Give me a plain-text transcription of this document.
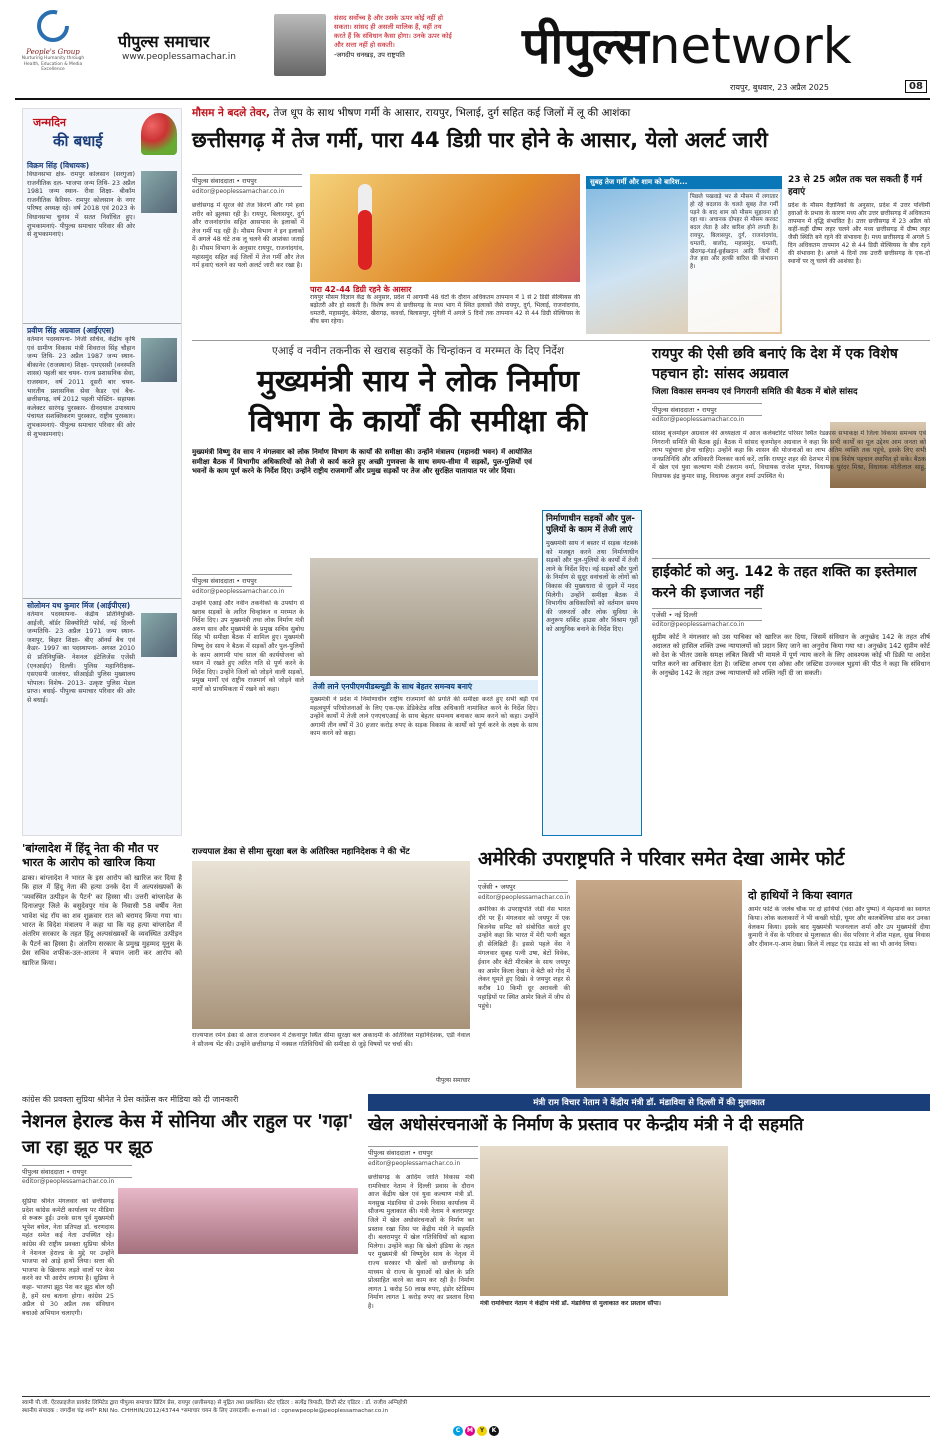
People's Group
Nurturing Humanity through Health, Education & Media Excellence
पीपुल्स समाचार
www.peoplessamachar.in
संसद सर्वोच्च है और उसके ऊपर कोई नहीं हो सकता। सांसद ही असली मालिक हैं, वहीं तय करते हैं कि संविधान कैसा होगा। उनके ऊपर कोई और सत्ता नहीं हो सकती।
-जगदीप धनखड़, उप राष्ट्रपति	पीपुल्सnetwork
रायपुर, बुधवार, 23 अप्रैल 2025	08
जन्मदिन
की बधाई
विक्रम सिंह (विधायक)
विधानसभा क्षेत्र- रामपुर कोलसान (सरगुजा) राजनीतिक दल- भाजपा जन्म तिथि- 23 अप्रैल 1981 जन्म स्थान- रीवा शिक्षा- बीकॉम राजनीतिक कैरियर- रामपुर कोलसान के नगर परिषद अध्यक्ष रहे। वर्ष 2018 एवं 2023 के विधानसभा चुनाव में सतत निर्वाचित हुए। शुभकामनाएं- पीपुल्स समाचार परिवार की ओर से शुभकामनाएं।
प्रवीण सिंह अग्रवाल (आईएएस)
वर्तमान पदस्थापना- निजी सचिव, केंद्रीय कृषि एवं ग्रामीण विकास मंत्री शिवराज सिंह चौहान जन्म तिथि- 23 अप्रैल 1987 जन्म स्थान- बीकानेर (राजस्थान) शिक्षा- एमएससी (वनस्पति शास्त्र) पहली बार चयन- राज्य प्रशासनिक सेवा, राजस्थान, वर्ष 2011 दूसरी बार चयन- भारतीय प्रशासनिक सेवा कैडर एवं बैच- छत्तीसगढ़, वर्ष 2012 पहली पोस्टिंग- सहायक कलेक्टर सारंगढ़ पुरस्कार- दीनदयाल उपाध्याय पंचायत सशक्तिकरण पुरस्कार, राष्ट्रीय पुरस्कार। शुभकामनाएं- पीपुल्स समाचार परिवार की ओर से शुभकामनाएं।
सोलोमन यथ कुमार मिंज (आईपीएस)
वर्तमान पदस्थापना- केंद्रीय प्रतिनियुक्ति- आईजी, बॉर्डर सिक्योरिटी फोर्स, नई दिल्ली जन्मतिथि- 23 अप्रैल 1971 जन्म स्थान- जशपुर, बिहार शिक्षा- बीए ऑनर्स बैच एवं कैडर- 1997 का पदस्थापना- अगस्त 2010 से प्रतिनियुक्ति- नेशनल इंटेलिजेंस एजेंसी (एनआईए) दिल्ली। पुलिस महानिरीक्षक- एसएसपी जालंधर, सीआईडी पुलिस मुख्यालय भोपाल। विशेष- 2013- उत्कृष्ट पुलिस मेडल प्राप्त। बधाई- पीपुल्स समाचार परिवार की ओर से बधाई।
'बांग्लादेश में हिंदू नेता की मौत पर भारत के आरोप को खारिज किया
ढाका। बांग्लादेश ने भारत के इस आरोप को खारिज कर दिया है कि हाल में हिंदू नेता की हत्या उनके देश में अल्पसंख्यकों के 'व्यवस्थित उत्पीड़न के पैटर्न' का हिस्सा थी। उत्तरी बांग्लादेश के दिनाजपुर जिले के बसुदेवपुर गांव के निवासी 58 वर्षीय नेता भावेश चंद्र रॉय का शव शुक्रवार रात को बरामद किया गया था। भारत के विदेश मंत्रालय ने कहा था कि यह हत्या बांग्लादेश में अंतरिम सरकार के तहत हिंदू अल्पसंख्यकों के व्यवस्थित उत्पीड़न के पैटर्न का हिस्सा है। अंतरिम सरकार के प्रमुख मुहम्मद यूनुस के प्रेस सचिव शफीक-उल-आलम ने बयान जारी कर आरोप को खारिज किया।
मौसम ने बदले तेवर, तेज धूप के साथ भीषण गर्मी के आसार, रायपुर, भिलाई, दुर्ग सहित कई जिलों में लू की आशंका
छत्तीसगढ़ में तेज गर्मी, पारा 44 डिग्री पार होने के आसार, येलो अलर्ट जारी
पीपुल्स संवाददाता • रायपुर
editor@peoplessamachar.co.in
छत्तीसगढ़ में सूरज की तेज किरणें और गर्म हवा शरीर को झुलसा रही है। रायपुर, बिलासपुर, दुर्ग और राजनांदगांव सहित आसपास के इलाकों में तेज गर्मी पड़ रही है। मौसम विभाग ने इन इलाकों में अगले 48 घंटे तक लू चलने की आशंका जताई है। मौसम विभाग के अनुसार रायपुर, राजनांदगांव, महासमुंद सहित कई जिलों में तेज गर्मी और तेज गर्म हवाएं चलने का यलो अलर्ट जारी कर रखा है।
पारा 42-44 डिग्री रहने के आसार
रायपुर मौसम विज्ञान केंद्र के अनुसार, प्रदेश में आगामी 48 घंटों के दौरान अधिकतम तापमान में 1 से 2 डिग्री सेल्सियस की बढ़ोतरी और हो सकती है। विशेष रूप से छत्तीसगढ़ के मध्य भाग में स्थित इलाकों जैसे रायपुर, दुर्ग, भिलाई, राजनांदगांव, धमतरी, महासमुंद, बेमेतरा, खैरागढ़, कवर्धा, बिलासपुर, मुंगेली में अगले 5 दिनों तक तापमान 42 से 44 डिग्री सेल्सियस के बीच बना रहेगा।
सुबह तेज गर्मी और शाम को बारिश...
पिछले पखवाड़े भर से मौसम में लगातार हो रहे बदलाव के चलते सुबह तेज गर्मी पड़ने के बाद शाम को मौसम सुहावना हो रहा था। अचानक दोपहर से मौसम करवट बदल लेता है और बारिश होने लगती है। रायपुर, बिलासपुर, दुर्ग, राजनांदगांव, धमतरी, बालोद, महासमुंद, धमतरी, खैरागढ़-गंडई-छुईखदान आदि जिलों में तेज हवा और हल्की बारिश की संभावना है।
23 से 25 अप्रैल तक चल सकती हैं गर्म हवाएं
प्रदेश के मौसम वैज्ञानिकों के अनुसार, प्रदेश में उत्तर पश्चिमी हवाओं के प्रभाव के कारण मध्य और उत्तर छत्तीसगढ़ में अधिकतम तापमान में वृद्धि संभावित है। उत्तर छत्तीसगढ़ में 23 अप्रैल को कहीं-कहीं ग्रीष्म लहर चलने और मध्य छत्तीसगढ़ में ग्रीष्म लहर जैसी स्थिति बने रहने की संभावना है। मध्य छत्तीसगढ़ में अगले 5 दिन अधिकतम तापमान 42 से 44 डिग्री सेल्सियस के बीच रहने की संभावना है। अगले 4 दिनों तक उत्तरी छत्तीसगढ़ के एक-दो स्थानों पर लू चलने की आशंका है।
एआई व नवीन तकनीक से खराब सड़कों के चिन्हांकन व मरम्मत के दिए निर्देश
मुख्यमंत्री साय ने लोक निर्माण
विभाग के कार्यों की समीक्षा की
मुख्यमंत्री विष्णु देव साय ने मंगलवार को लोक निर्माण विभाग के कार्यों की समीक्षा की। उन्होंने मंत्रालय (महानदी भवन) में आयोजित समीक्षा बैठक में विभागीय अधिकारियों को तेजी से कार्य करते हुए अच्छी गुणवत्ता के साथ समय-सीमा में सड़कों, पुल-पुलियों एवं भवनों के काम पूर्ण करने के निर्देश दिए। उन्होंने राष्ट्रीय राजमार्गों और प्रमुख सड़कों पर तेज और सुरक्षित यातायात पर जोर दिया।
निर्माणाधीन सड़कों और पुल-पुलियों के काम में तेजी लाएं
मुख्यमंत्री साय ने बस्तर में सड़क नेटवर्क को मजबूत करने तथा निर्माणाधीन सड़कों और पुल-पुलियों के कार्यों में तेजी लाने के निर्देश दिए। नई सड़कों और पुलों के निर्माण से सुदूर वनांचलों के लोगों को विकास की मुख्यधारा से जुड़ने में मदद मिलेगी। उन्होंने समीक्षा बैठक में विभागीय अधिकारियों को वर्तमान समय की जरूरतों और लोक सुविधा के अनुरूप सर्किट हाउस और विश्राम गृहों को आधुनिक बनाने के निर्देश दिए।
पीपुल्स संवाददाता • रायपुर
editor@peoplessamachar.co.in
उन्होंने एआई और नवीन तकनीकों के उपयोग से खराब सड़कों के त्वरित चिन्हांकन व मरम्मत के निर्देश दिए। उप मुख्यमंत्री तथा लोक निर्माण मंत्री अरुण साव और मुख्यमंत्री के प्रमुख सचिव सुबोध सिंह भी समीक्षा बैठक में शामिल हुए। मुख्यमंत्री विष्णु देव साय ने बैठक में सड़कों और पुल-पुलियों के काम आगामी पांच साल की कार्ययोजना को ध्यान में रखते हुए त्वरित गति से पूर्ण करने के निर्देश दिए। उन्होंने जिलों को जोड़ने वाली सड़कों, प्रमुख मार्गों एवं राष्ट्रीय राजमार्ग को जोड़ने वाले मार्गों को प्राथमिकता में रखने को कहा।	तेजी लाने एनपीएमपीडब्ल्यूडी के साथ बेहतर समन्वय बनाएं
मुख्यमंत्री ने प्रदेश में निर्माणाधीन राष्ट्रीय राजमार्गों की प्रगति की समीक्षा करते हुए सभी बड़ी एवं महत्वपूर्ण परियोजनाओं के लिए एक-एक डेडिकेटेड वरिष्ठ अधिकारी नामांकित करने के निर्देश दिए। उन्होंने कार्यों में तेजी लाने एनएचएआई के साथ बेहतर समन्वय बनाकर काम करने को कहा। उन्होंने अगामी तीन वर्षों में 30 हजार करोड़ रुपए के सड़क विकास के कार्यों को पूर्ण करने के लक्ष्य के साथ काम करने को कहा।
रायपुर की ऐसी छवि बनाएं कि देश में एक विशेष पहचान हो: सांसद अग्रवाल
जिला विकास समन्वय एवं निगरानी समिति की बैठक में बोले सांसद
पीपुल्स संवाददाता • रायपुर
editor@peoplessamachar.co.in
सांसद बृजमोहन अग्रवाल की अध्यक्षता में आज कलेक्टोरेट परिसर स्थित रेडक्रास सभाकक्ष में जिला विकास समन्वय एवं निगरानी समिति की बैठक हुई। बैठक में सांसद बृजमोहन अग्रवाल ने कहा कि सभी कार्यों का मूल उद्देश्य आम जनता को लाभ पहुंचाना होना चाहिए। उन्होंने कहा कि शासन की योजनाओं का लाभ अंतिम व्यक्ति तक पहुंचे, इसके लिए सभी जनप्रतिनिधि और अधिकारी मिलकर कार्य करें, ताकि रायपुर शहर की देशभर में एक विशेष पहचान स्थापित हो सके। बैठक में खेल एवं युवा कल्याण मंत्री टंकराम वर्मा, विधायक राजेश मूणत, विधायक पुरंदर मिश्रा, विधायक मोतीलाल साहू, विधायक इंद्र कुमार साहू, विधायक अनुज शर्मा उपस्थित थे।
हाईकोर्ट को अनु. 142 के तहत शक्ति का इस्तेमाल करने की इजाजत नहीं
एजेंसी • नई दिल्ली
editor@peoplessamachar.co.in
सुप्रीम कोर्ट ने मंगलवार को उस याचिका को खारिज कर दिया, जिसमें संविधान के अनुच्छेद 142 के तहत शीर्ष अदालत को हासिल शक्ति उच्च न्यायालयों को प्रदान किए जाने का अनुरोध किया गया था। अनुच्छेद 142 सुप्रीम कोर्ट को देश के भीतर उसके समक्ष लंबित किसी भी मामले में पूर्ण न्याय करने के लिए आवश्यक कोई भी डिक्री या आदेश पारित करने का अधिकार देता है। जस्टिस अभय एस ओका और जस्टिस उज्ज्वल भुइयां की पीठ ने कहा कि संविधान के अनुच्छेद 142 के तहत उच्च न्यायालयों को शक्ति नहीं दी जा सकती।
राज्यपाल डेका से सीमा सुरक्षा बल के अतिरिक्त महानिदेशक ने की भेंट
राज्यपाल रमेन डेका से आज राजभवन में टेकनापुर स्थित सीमा सुरक्षा बल अकादमी के अतिरिक्त महानिदेशक, एडी नेवाल ने सौजन्य भेंट की। उन्होंने छत्तीसगढ़ में नक्सल गतिविधियों की समीक्षा से जुड़े विषयों पर चर्चा की।
पीपुल्स समाचार
अमेरिकी उपराष्ट्रपति ने परिवार समेत देखा आमेर फोर्ट
एजेंसी • जयपुर
editor@peoplessamachar.co.in
अमेरिका के उपराष्ट्रपति जेडी वेंस भारत दौरे पर हैं। मंगलवार को जयपुर में एक बिजनेस समिट को संबोधित करते हुए उन्होंने कहा कि भारत में मेरी पत्नी बहुत ही सेलिब्रिटी हैं। इससे पहले वेंस ने मंगलवार सुबह पत्नी उषा, बेटों विवेक, ईवान और बेटी मीराबेल के साथ जयपुर का आमेर किला देखा। वे बेटी को गोद में लेकर घूमते हुए दिखे। वे जयपुर शहर से करीब 10 किमी दूर अरावली की पहाड़ियों पर स्थित आमेर किले में जीप से पहुंचे।
दो हाथियों ने किया स्वागत
आमेर फोर्ट के जलेब चौक पर दो हाथियों (चंदा और पुष्पा) ने मेहमानों का स्वागत किया। लोक कलाकारों ने भी कच्छी घोड़ी, घूमर और कालबेलिया डांस कर उनका वेलकम किया। इसके बाद मुख्यमंत्री भजनलाल शर्मा और उप मुख्यमंत्री दीया कुमारी ने वेंस के परिवार से मुलाकात की। वेंस परिवार ने शीश महल, सुख निवास और दीवान-ए-आम देखा। किले में लाइट एंड साउंड शो का भी आनंद लिया।
कांग्रेस की प्रवक्ता सुप्रिया श्रीनेत ने प्रेस कांफ्रेंस कर मीडिया को दी जानकारी
नेशनल हेराल्ड केस में सोनिया और राहुल पर 'गढ़ा' जा रहा झूठ पर झूठ
पीपुल्स संवाददाता • रायपुर
editor@peoplessamachar.co.in
सुप्रिया श्रीनेत मंगलवार को छत्तीसगढ़ प्रदेश कांग्रेस कमेटी कार्यालय पर मीडिया से रूबरू हुईं। उनके साथ पूर्व मुख्यमंत्री भूपेश बघेल, नेता प्रतिपक्ष डॉ. चरणदास महंत समेत कई नेता उपस्थित रहे। कांग्रेस की राष्ट्रीय प्रवक्ता सुप्रिया श्रीनेत ने नेशनल हेराल्ड के मुद्दे पर उन्होंने भाजपा को आड़े हाथों लिया। सत्ता की भाजपा के खिलाफ लड़ते वालों पर केस करने का भी आरोप लगाया है। सुप्रिया ने कहा- भाजपा झूठ पेश कर झूठ बोल रही है, हमें सच बताना होगा। कांग्रेस 25 अप्रैल से 30 अप्रैल तक संविधान बचाओ अभियान चलाएगी।
मंत्री राम विचार नेताम ने केंद्रीय मंत्री डॉ. मंडाविया से दिल्ली में की मुलाकात
खेल अधोसंरचनाओं के निर्माण के प्रस्ताव पर केन्द्रीय मंत्री ने दी सहमति
पीपुल्स संवाददाता • रायपुर
editor@peoplessamachar.co.in
मंत्री रामविचार नेताम ने केंद्रीय मंत्री डॉ. मंडाविया से मुलाकात कर प्रस्ताव सौंपा।
छत्तीसगढ़ के आदिम जाति विकास मंत्री रामविचार नेताम ने दिल्ली प्रवास के दौरान आज केंद्रीय खेल एवं युवा कल्याण मंत्री डॉ. मनसुख मंडाविया से उनके निवास कार्यालय में सौजन्य मुलाकात की। मंत्री नेताम ने बलरामपुर जिले में खेल अधोसंरचनाओं के निर्माण का प्रस्ताव रखा जिस पर केंद्रीय मंत्री ने सहमति दी। बलरामपुर में खेल गतिविधियों को बढ़ावा मिलेगा। उन्होंने कहा कि खेलो इंडिया के तहत पर मुख्यमंत्री श्री विष्णुदेव साय के नेतृत्व में राज्य सरकार भी खेलों को छत्तीसगढ़ के माध्यम से राज्य के युवाओं को खेल के प्रति प्रोत्साहित करने का काम कर रही है। निर्माण लागत 1 करोड़ 50 लाख रुपए, इंडोर स्टेडियम निर्माण लागत 1 करोड़ रुपए का प्रस्ताव दिया है।
स्वामी पी.जी. ऐंटरप्राइजेज प्रायवेट लिमिटेड द्वारा पीपुल्स समाचार प्रिंटिंग प्रेस, रायपुर (छत्तीसगढ़) से मुद्रित तथा प्रकाशित। स्टेट एडिटर : सत्येंद्र त्रिपाठी, डिप्टी स्टेट एडिटर : डॉ. राजीव अग्निहोत्री
स्थानीय संपादक : जगदीश चंद्र शर्मा* RNI No. CHHHIN/2012/43744 *समाचार चयन के लिए उत्तरदायी। e-mail id : cgnewpeople@peoplessamachar.co.in
C M Y K
